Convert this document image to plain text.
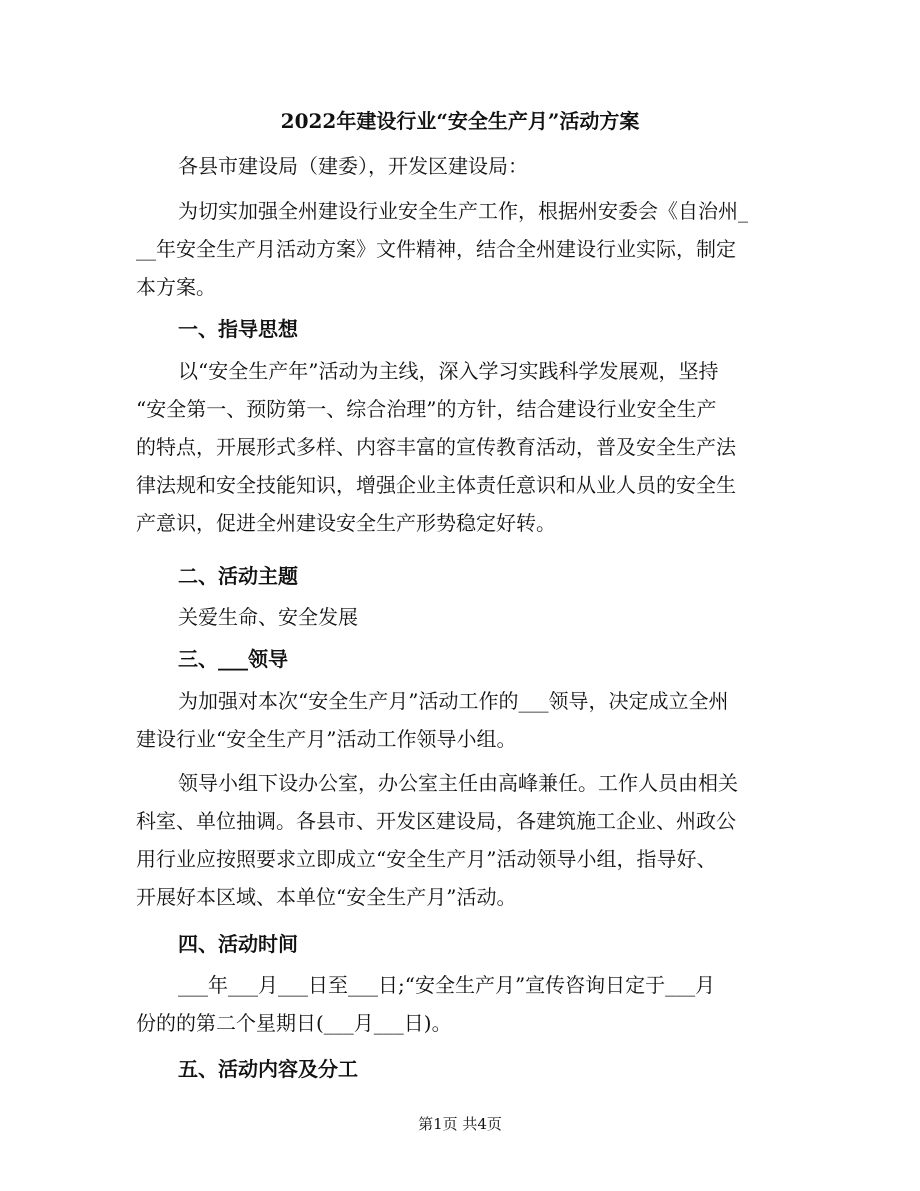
2022年建设行业“安全生产月”活动方案
各县市建设局（建委），开发区建设局：
为切实加强全州建设行业安全生产工作，根据州安委会《自治州_
__年安全生产月活动方案》文件精神，结合全州建设行业实际，制定
本方案。
一、指导思想
以“安全生产年”活动为主线，深入学习实践科学发展观，坚持
“安全第一、预防第一、综合治理”的方针，结合建设行业安全生产
的特点，开展形式多样、内容丰富的宣传教育活动，普及安全生产法
律法规和安全技能知识，增强企业主体责任意识和从业人员的安全生
产意识，促进全州建设安全生产形势稳定好转。
二、活动主题
关爱生命、安全发展
三、___领导
为加强对本次“安全生产月”活动工作的___领导，决定成立全州
建设行业“安全生产月”活动工作领导小组。
领导小组下设办公室，办公室主任由高峰兼任。工作人员由相关
科室、单位抽调。各县市、开发区建设局，各建筑施工企业、州政公
用行业应按照要求立即成立“安全生产月”活动领导小组，指导好、
开展好本区域、本单位“安全生产月”活动。
四、活动时间
___年___月___日至___日;“安全生产月”宣传咨询日定于___月
份的的第二个星期日(___月___日)。
五、活动内容及分工
第1页 共4页
